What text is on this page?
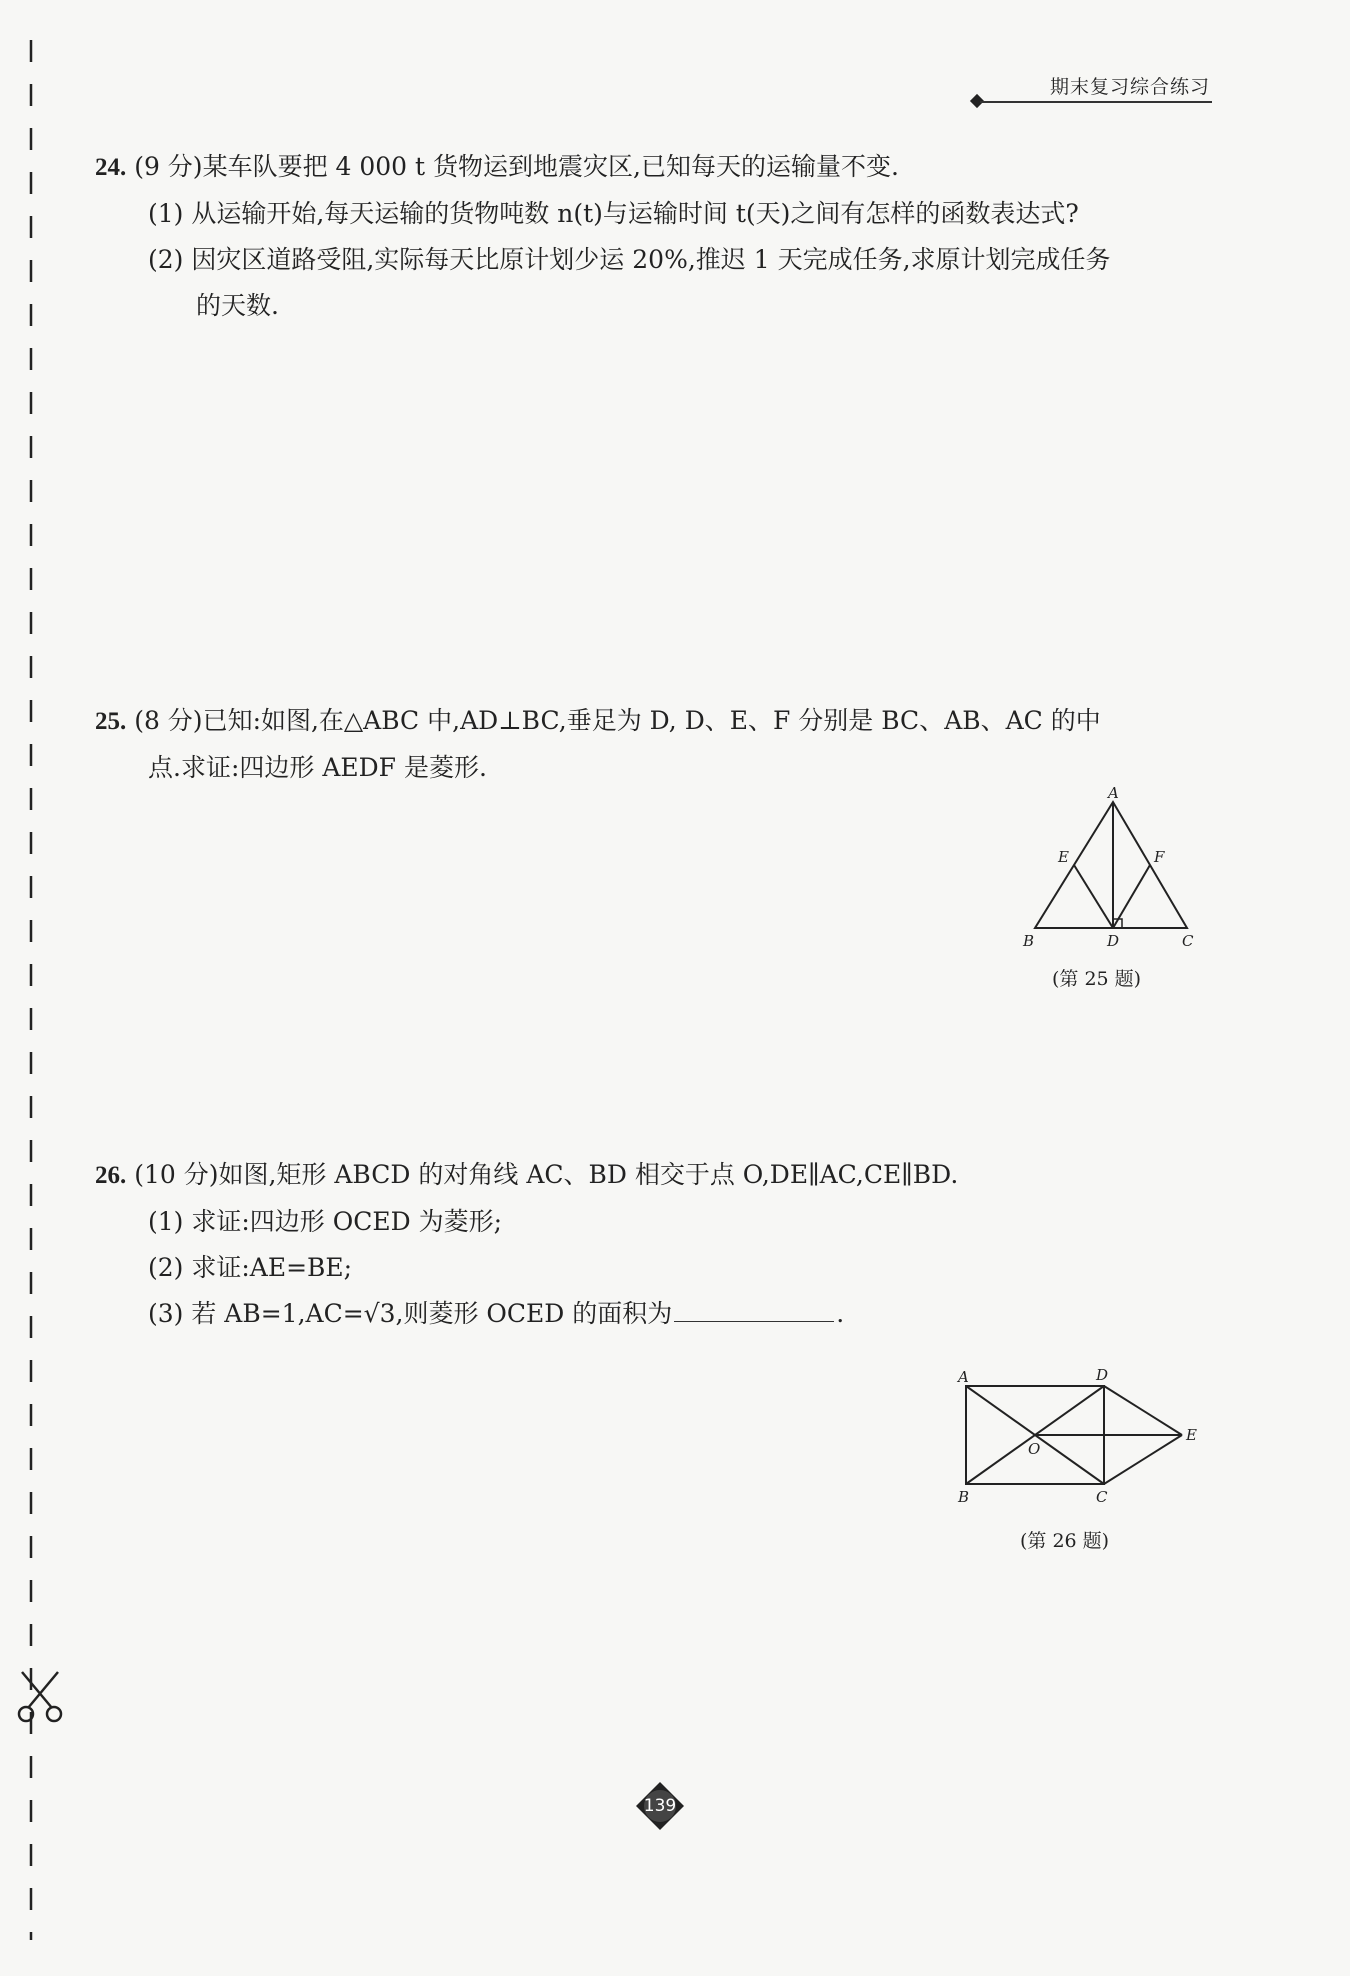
期末复习综合练习

24. (9 分)某车队要把 4 000 t 货物运到地震灾区,已知每天的运输量不变.

(1) 从运输开始,每天运输的货物吨数 n(t)与运输时间 t(天)之间有怎样的函数表达式?

(2) 因灾区道路受阻,实际每天比原计划少运 20%,推迟 1 天完成任务,求原计划完成任务

的天数.

25. (8 分)已知:如图,在△ABC 中,AD⊥BC,垂足为 D, D、E、F 分别是 BC、AB、AC 的中

点.求证:四边形 AEDF 是菱形.

A
E	F
B	D	C
(第 25 题)

26. (10 分)如图,矩形 ABCD 的对角线 AC、BD 相交于点 O,DE∥AC,CE∥BD.

(1) 求证:四边形 OCED 为菱形;

(2) 求证:AE=BE;

(3) 若 AB=1,AC=√3,则菱形 OCED 的面积为	.

A	D
O
E
B	C
(第 26 题)
139
